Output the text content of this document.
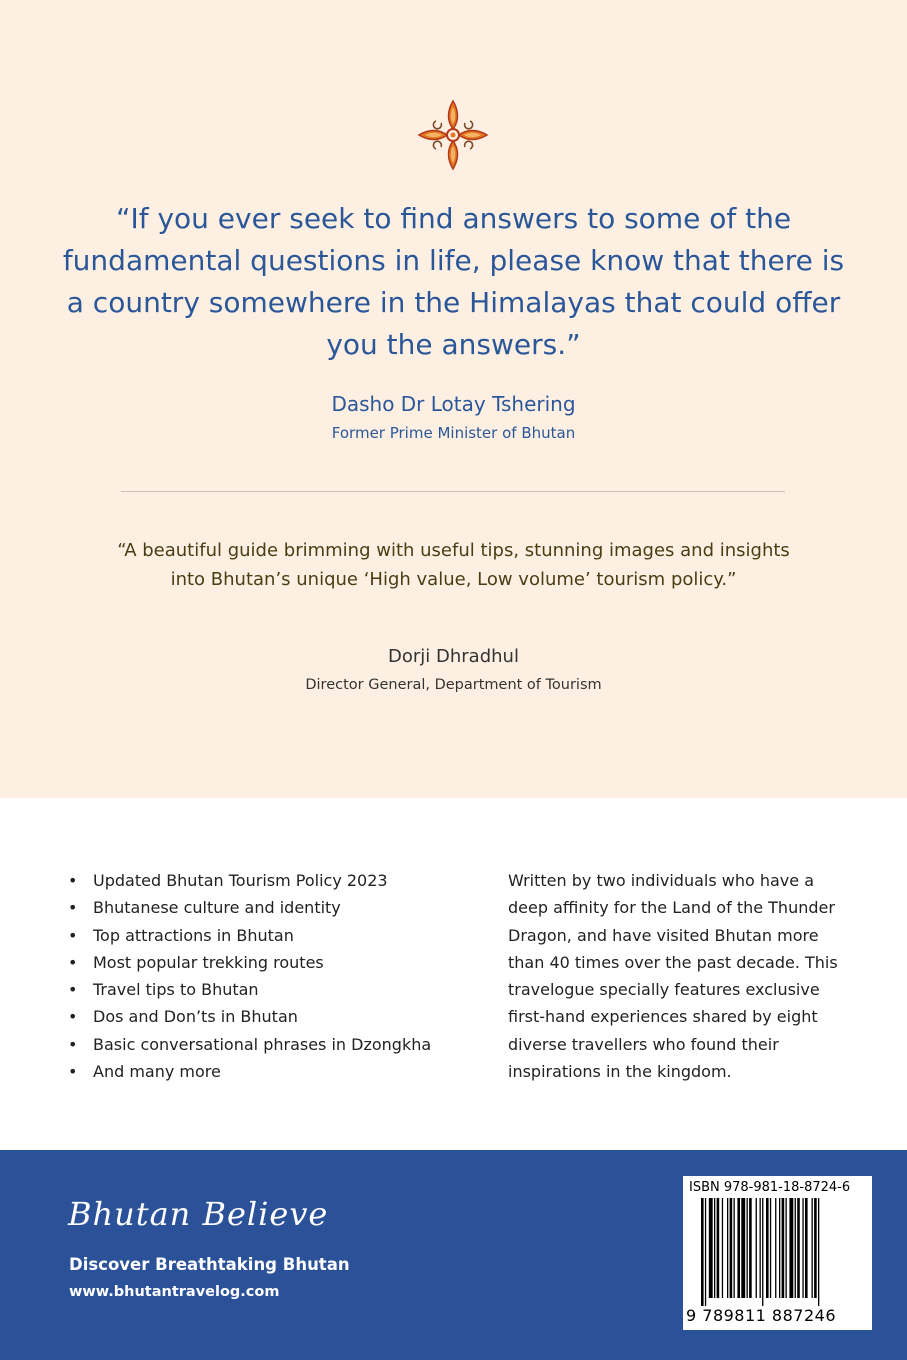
“If you ever seek to find answers to some of the fundamental questions in life, please know that there is a country somewhere in the Himalayas that could offer you the answers.”
Dasho Dr Lotay Tshering
Former Prime Minister of Bhutan
“A beautiful guide brimming with useful tips, stunning images and insights into Bhutan’s unique ‘High value, Low volume’ tourism policy.”
Dorji Dhradhul
Director General, Department of Tourism
• Updated Bhutan Tourism Policy 2023
• Bhutanese culture and identity
• Top attractions in Bhutan
• Most popular trekking routes
• Travel tips to Bhutan
• Dos and Don’ts in Bhutan
• Basic conversational phrases in Dzongkha
• And many more

Written by two individuals who have a deep affinity for the Land of the Thunder Dragon, and have visited Bhutan more than 40 times over the past decade. This travelogue specially features exclusive first-hand experiences shared by eight diverse travellers who found their inspirations in the kingdom.

Bhutan Believe
Discover Breathtaking Bhutan
www.bhutantravelog.com
ISBN 978-981-18-8724-6
9 789811 887246
